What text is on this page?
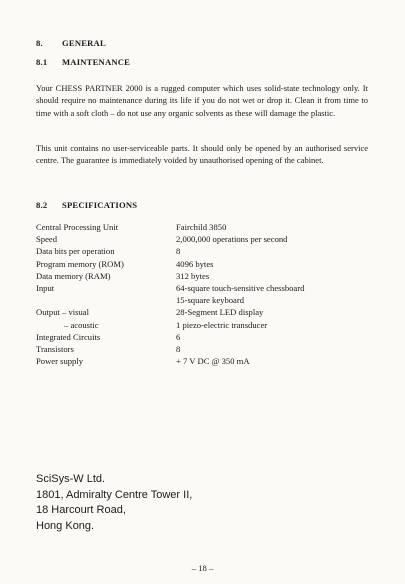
8. GENERAL
8.1 MAINTENANCE

Your CHESS PARTNER 2000 is a rugged computer which uses solid-state technology only. It should require no maintenance during its life if you do not wet or drop it. Clean it from time to time with a soft cloth – do not use any organic solvents as these will damage the plastic.

This unit contains no user-serviceable parts. It should only be opened by an authorised service centre. The guarantee is immediately voided by unauthorised opening of the cabinet.

8.2 SPECIFICATIONS
Central Processing Unit	Fairchild 3850
Speed	2,000,000 operations per second
Data bits per operation	8
Program memory (ROM)	4096 bytes
Data memory (RAM)	312 bytes
Input	64-square touch-sensitive chessboard
15-square keyboard
Output – visual	28-Segment LED display
– acoustic	1 piezo-electric transducer
Integrated Circuits	6
Transistors	8
Power supply	+ 7 V DC @ 350 mA
SciSys-W Ltd.
1801, Admiralty Centre Tower II,
18 Harcourt Road,
Hong Kong.
– 18 –
